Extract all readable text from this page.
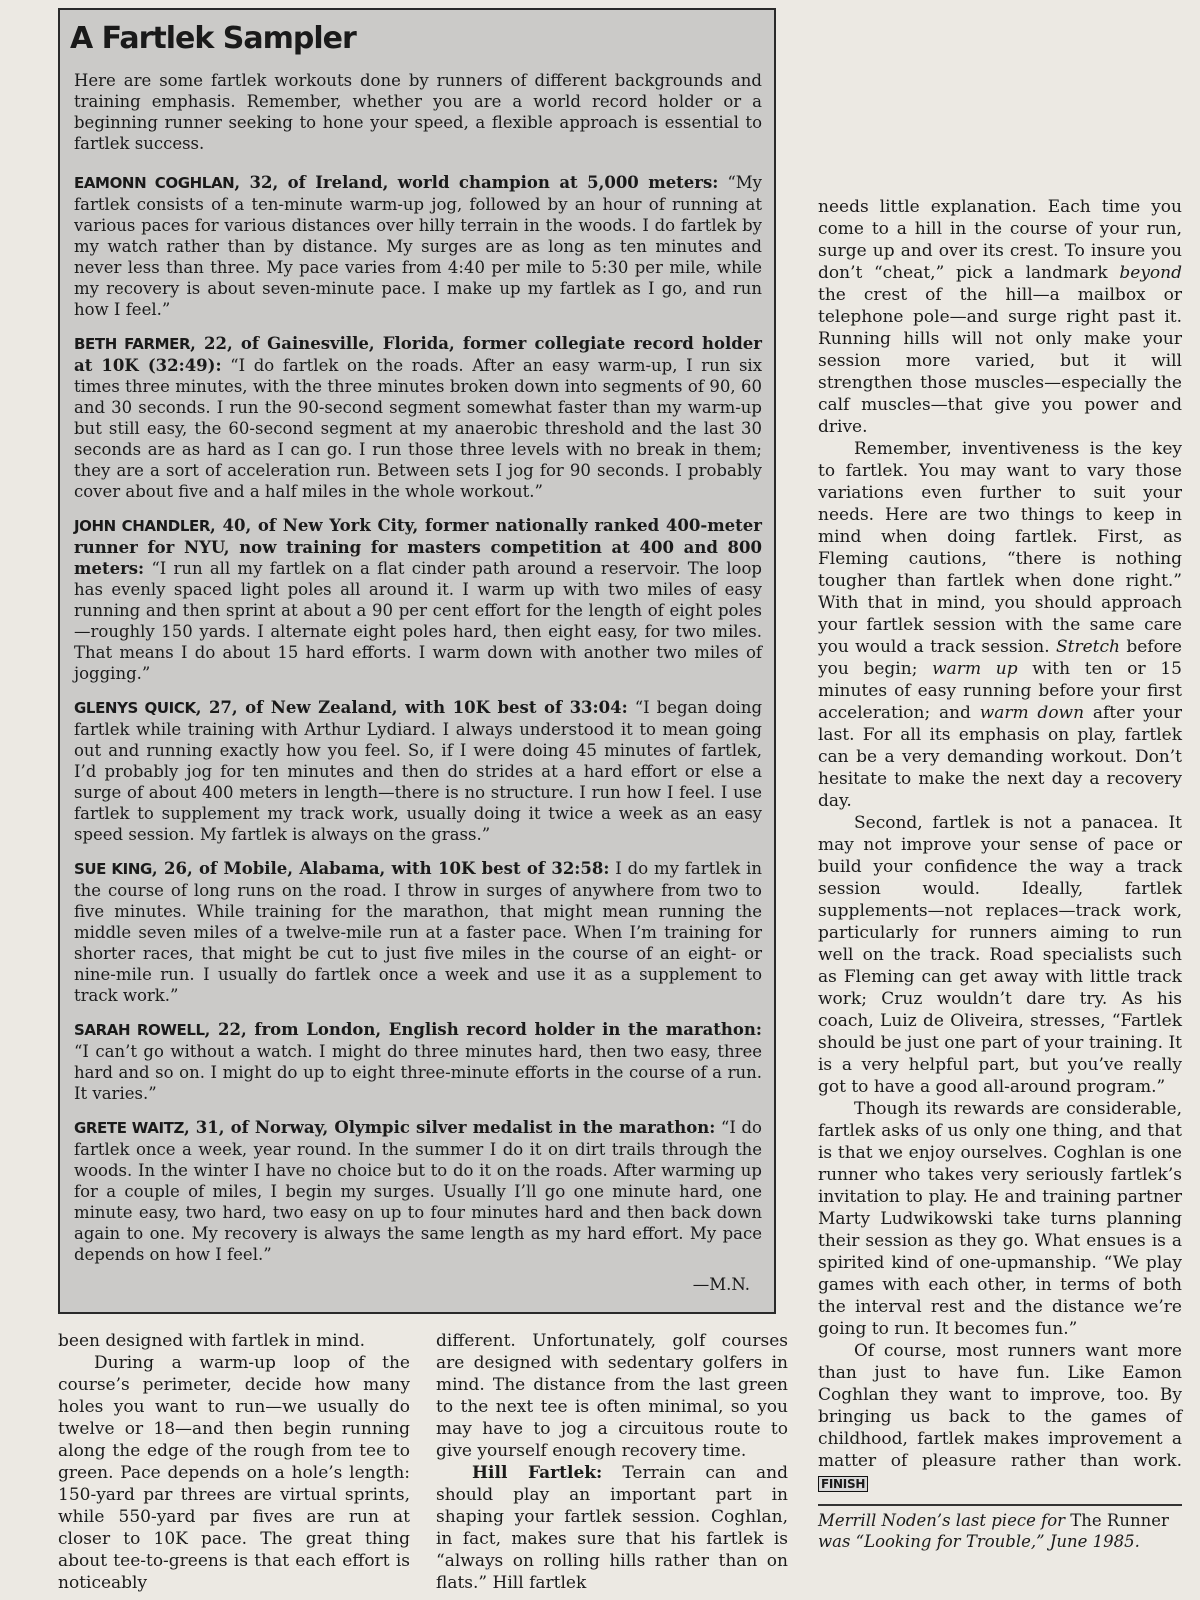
A Fartlek Sampler

Here are some fartlek workouts done by runners of different backgrounds and training emphasis. Remember, whether you are a world record holder or a beginning runner seeking to hone your speed, a flexible approach is essential to fartlek success.

EAMONN COGHLAN, 32, of Ireland, world champion at 5,000 meters: “My fartlek consists of a ten-minute warm-up jog, followed by an hour of running at various paces for various distances over hilly terrain in the woods. I do fartlek by my watch rather than by distance. My surges are as long as ten minutes and never less than three. My pace varies from 4:40 per mile to 5:30 per mile, while my recovery is about seven-minute pace. I make up my fartlek as I go, and run how I feel.”

BETH FARMER, 22, of Gainesville, Florida, former collegiate record holder at 10K (32:49): “I do fartlek on the roads. After an easy warm-up, I run six times three minutes, with the three minutes broken down into segments of 90, 60 and 30 seconds. I run the 90-second segment somewhat faster than my warm-up but still easy, the 60-second segment at my anaerobic threshold and the last 30 seconds are as hard as I can go. I run those three levels with no break in them; they are a sort of acceleration run. Between sets I jog for 90 seconds. I probably cover about five and a half miles in the whole workout.”

JOHN CHANDLER, 40, of New York City, former nationally ranked 400-meter runner for NYU, now training for masters competition at 400 and 800 meters: “I run all my fartlek on a flat cinder path around a reservoir. The loop has evenly spaced light poles all around it. I warm up with two miles of easy running and then sprint at about a 90 per cent effort for the length of eight poles—roughly 150 yards. I alternate eight poles hard, then eight easy, for two miles. That means I do about 15 hard efforts. I warm down with another two miles of jogging.”

GLENYS QUICK, 27, of New Zealand, with 10K best of 33:04: “I began doing fartlek while training with Arthur Lydiard. I always understood it to mean going out and running exactly how you feel. So, if I were doing 45 minutes of fartlek, I’d probably jog for ten minutes and then do strides at a hard effort or else a surge of about 400 meters in length—there is no structure. I run how I feel. I use fartlek to supplement my track work, usually doing it twice a week as an easy speed session. My fartlek is always on the grass.”

SUE KING, 26, of Mobile, Alabama, with 10K best of 32:58: I do my fartlek in the course of long runs on the road. I throw in surges of anywhere from two to five minutes. While training for the marathon, that might mean running the middle seven miles of a twelve-mile run at a faster pace. When I’m training for shorter races, that might be cut to just five miles in the course of an eight- or nine-mile run. I usually do fartlek once a week and use it as a supplement to track work.”

SARAH ROWELL, 22, from London, English record holder in the marathon: “I can’t go without a watch. I might do three minutes hard, then two easy, three hard and so on. I might do up to eight three-minute efforts in the course of a run. It varies.”

GRETE WAITZ, 31, of Norway, Olympic silver medalist in the marathon: “I do fartlek once a week, year round. In the summer I do it on dirt trails through the woods. In the winter I have no choice but to do it on the roads. After warming up for a couple of miles, I begin my surges. Usually I’ll go one minute hard, one minute easy, two hard, two easy on up to four minutes hard and then back down again to one. My recovery is always the same length as my hard effort. My pace depends on how I feel.”

—M.N.

been designed with fartlek in mind.

During a warm-up loop of the course’s perimeter, decide how many holes you want to run—we usually do twelve or 18—and then begin running along the edge of the rough from tee to green. Pace depends on a hole’s length: 150-yard par threes are virtual sprints, while 550-yard par fives are run at closer to 10K pace. The great thing about tee-to-greens is that each effort is noticeably

different. Unfortunately, golf courses are designed with sedentary golfers in mind. The distance from the last green to the next tee is often minimal, so you may have to jog a circuitous route to give yourself enough recovery time.

Hill Fartlek: Terrain can and should play an important part in shaping your fartlek session. Coghlan, in fact, makes sure that his fartlek is “always on rolling hills rather than on flats.” Hill fartlek

needs little explanation. Each time you come to a hill in the course of your run, surge up and over its crest. To insure you don’t “cheat,” pick a landmark beyond the crest of the hill—a mailbox or telephone pole—and surge right past it. Running hills will not only make your session more varied, but it will strengthen those muscles—especially the calf muscles—that give you power and drive.

Remember, inventiveness is the key to fartlek. You may want to vary those variations even further to suit your needs. Here are two things to keep in mind when doing fartlek. First, as Fleming cautions, “there is nothing tougher than fartlek when done right.” With that in mind, you should approach your fartlek session with the same care you would a track session. Stretch before you begin; warm up with ten or 15 minutes of easy running before your first acceleration; and warm down after your last. For all its emphasis on play, fartlek can be a very demanding workout. Don’t hesitate to make the next day a recovery day.

Second, fartlek is not a panacea. It may not improve your sense of pace or build your confidence the way a track session would. Ideally, fartlek supplements—not replaces—track work, particularly for runners aiming to run well on the track. Road specialists such as Fleming can get away with little track work; Cruz wouldn’t dare try. As his coach, Luiz de Oliveira, stresses, “Fartlek should be just one part of your training. It is a very helpful part, but you’ve really got to have a good all-around program.”

Though its rewards are considerable, fartlek asks of us only one thing, and that is that we enjoy ourselves. Coghlan is one runner who takes very seriously fartlek’s invitation to play. He and training partner Marty Ludwikowski take turns planning their session as they go. What ensues is a spirited kind of one-upmanship. “We play games with each other, in terms of both the interval rest and the distance we’re going to run. It becomes fun.”

Of course, most runners want more than just to have fun. Like Eamon Coghlan they want to improve, too. By bringing us back to the games of childhood, fartlek makes improvement a matter of pleasure rather than work. FINISH

Merrill Noden’s last piece for The Runner was “Looking for Trouble,” June 1985.
